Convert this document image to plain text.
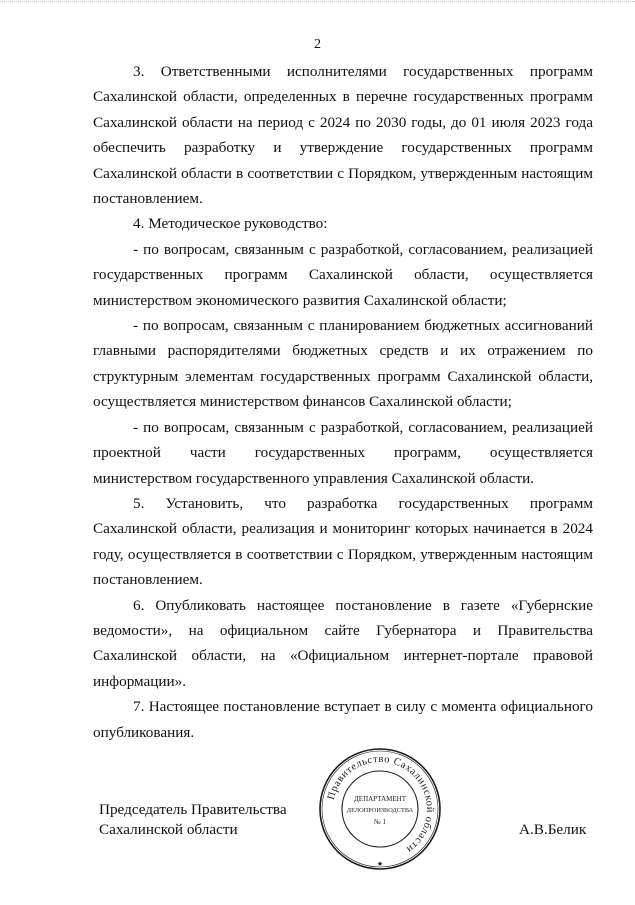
2

3. Ответственными исполнителями государственных программ Сахалинской области, определенных в перечне государственных программ Сахалинской области на период с 2024 по 2030 годы, до 01 июля 2023 года обеспечить разработку и утверждение государственных программ Сахалинской области в соответствии с Порядком, утвержденным настоящим постановлением.

4. Методическое руководство:

- по вопросам, связанным с разработкой, согласованием, реализацией государственных программ Сахалинской области, осуществляется министерством экономического развития Сахалинской области;

- по вопросам, связанным с планированием бюджетных ассигнований главными распорядителями бюджетных средств и их отражением по структурным элементам государственных программ Сахалинской области, осуществляется министерством финансов Сахалинской области;

- по вопросам, связанным с разработкой, согласованием, реализацией проектной части государственных программ, осуществляется министерством государственного управления Сахалинской области.

5. Установить, что разработка государственных программ Сахалинской области, реализация и мониторинг которых начинается в 2024 году, осуществляется в соответствии с Порядком, утвержденным настоящим постановлением.

6. Опубликовать настоящее постановление в газете «Губернские ведомости», на официальном сайте Губернатора и Правительства Сахалинской области, на «Официальном интернет-портале правовой информации».

7. Настоящее постановление вступает в силу с момента официального опубликования.

Председатель Правительства
Сахалинской области	А.В.Белик
Правительство Сахалинской области
ДЕПАРТАМЕНТ
ДЕЛОПРОИЗВОДСТВА
№ 1
★
